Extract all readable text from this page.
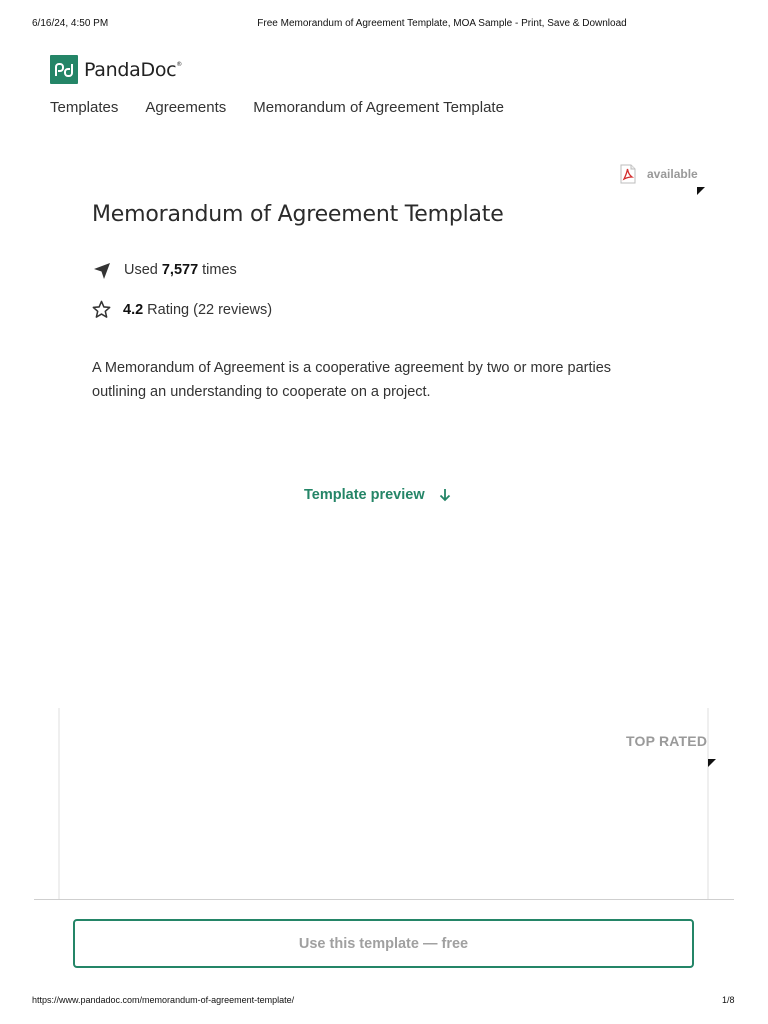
6/16/24, 4:50 PM	Free Memorandum of Agreement Template, MOA Sample - Print, Save & Download
PandaDoc®
Templates Agreements Memorandum of Agreement Template
available
Memorandum of Agreement Template
Used 7,577 times
4.2 Rating (22 reviews)

A Memorandum of Agreement is a cooperative agreement by two or more parties outlining an understanding to cooperate on a project.

Template preview
TOP RATED
Use this template — free
https://www.pandadoc.com/memorandum-of-agreement-template/	1/8
